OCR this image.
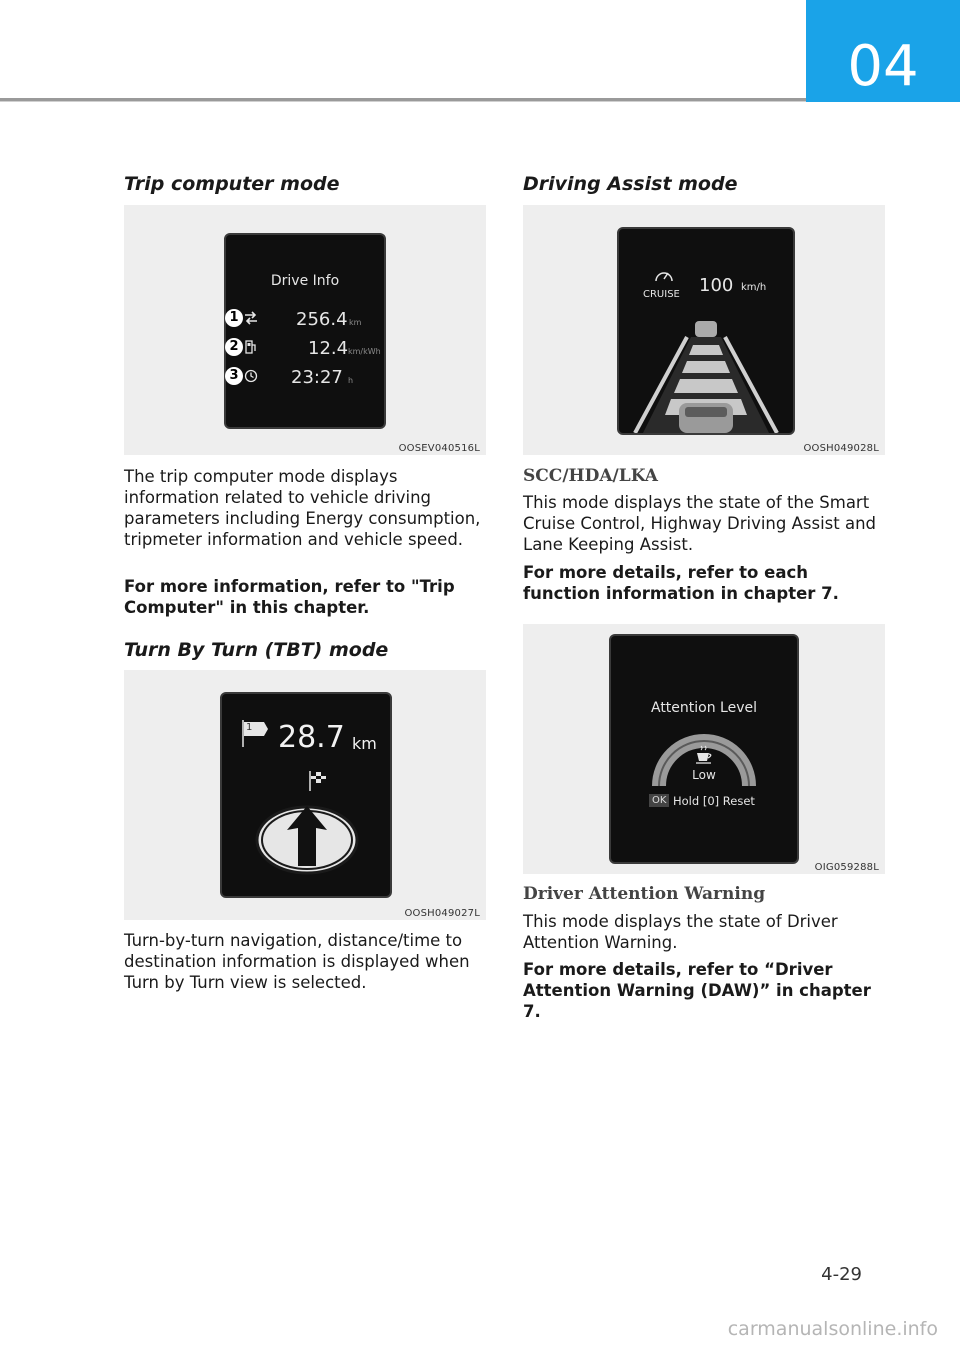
04
Trip computer mode
Drive Info
1	256.4 km
2	12.4 km/kWh
3	23:27 h
OOSEV040516L
The trip computer mode displays information related to vehicle driving parameters including Energy consumption, tripmeter information and vehicle speed.
For more information, refer to "Trip Computer" in this chapter.
Turn By Turn (TBT) mode
1 28.7 km
OOSH049027L
Turn-by-turn navigation, distance/time to destination information is displayed when Turn by Turn view is selected.
Driving Assist mode
CRUISE 100 km/h
OOSH049028L
SCC/HDA/LKA
This mode displays the state of the Smart Cruise Control, Highway Driving Assist and Lane Keeping Assist.
For more details, refer to each function information in chapter 7.
Attention Level
Low
OK Hold [0] Reset
OIG059288L
Driver Attention Warning
This mode displays the state of Driver Attention Warning.
For more details, refer to “Driver Attention Warning (DAW)” in chapter 7.
4-29
carmanualsonline.info
